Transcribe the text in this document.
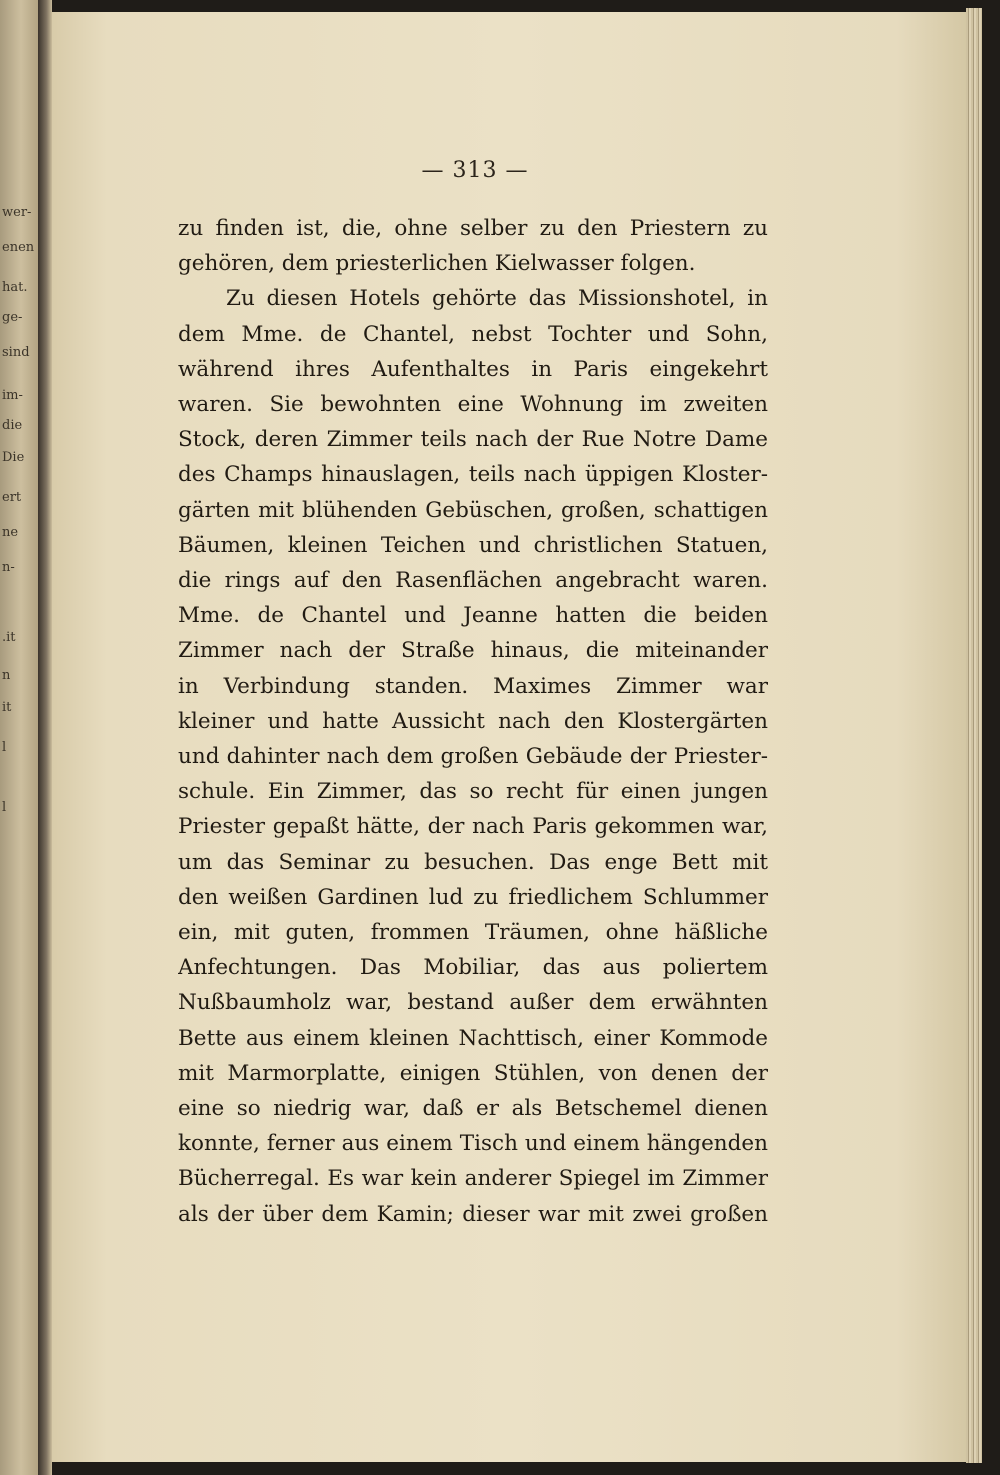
wer-
enen
hat.
ge-
sind
im-
die
Die
ert
ne
n-
.it
n
it
l
l
— 313 —
zu finden ist, die, ohne selber zu den Priestern zu
gehören, dem priesterlichen Kielwasser folgen.
Zu diesen Hotels gehörte das Missionshotel, in
dem Mme. de Chantel, nebst Tochter und Sohn,
während ihres Aufenthaltes in Paris eingekehrt
waren. Sie bewohnten eine Wohnung im zweiten
Stock, deren Zimmer teils nach der Rue Notre Dame
des Champs hinauslagen, teils nach üppigen Kloster-
gärten mit blühenden Gebüschen, großen, schattigen
Bäumen, kleinen Teichen und christlichen Statuen,
die rings auf den Rasenflächen angebracht waren.
Mme. de Chantel und Jeanne hatten die beiden
Zimmer nach der Straße hinaus, die miteinander
in Verbindung standen. Maximes Zimmer war
kleiner und hatte Aussicht nach den Klostergärten
und dahinter nach dem großen Gebäude der Priester-
schule. Ein Zimmer, das so recht für einen jungen
Priester gepaßt hätte, der nach Paris gekommen war,
um das Seminar zu besuchen. Das enge Bett mit
den weißen Gardinen lud zu friedlichem Schlummer
ein, mit guten, frommen Träumen, ohne häßliche
Anfechtungen. Das Mobiliar, das aus poliertem
Nußbaumholz war, bestand außer dem erwähnten
Bette aus einem kleinen Nachttisch, einer Kommode
mit Marmorplatte, einigen Stühlen, von denen der
eine so niedrig war, daß er als Betschemel dienen
konnte, ferner aus einem Tisch und einem hängenden
Bücherregal. Es war kein anderer Spiegel im Zimmer
als der über dem Kamin; dieser war mit zwei großen
